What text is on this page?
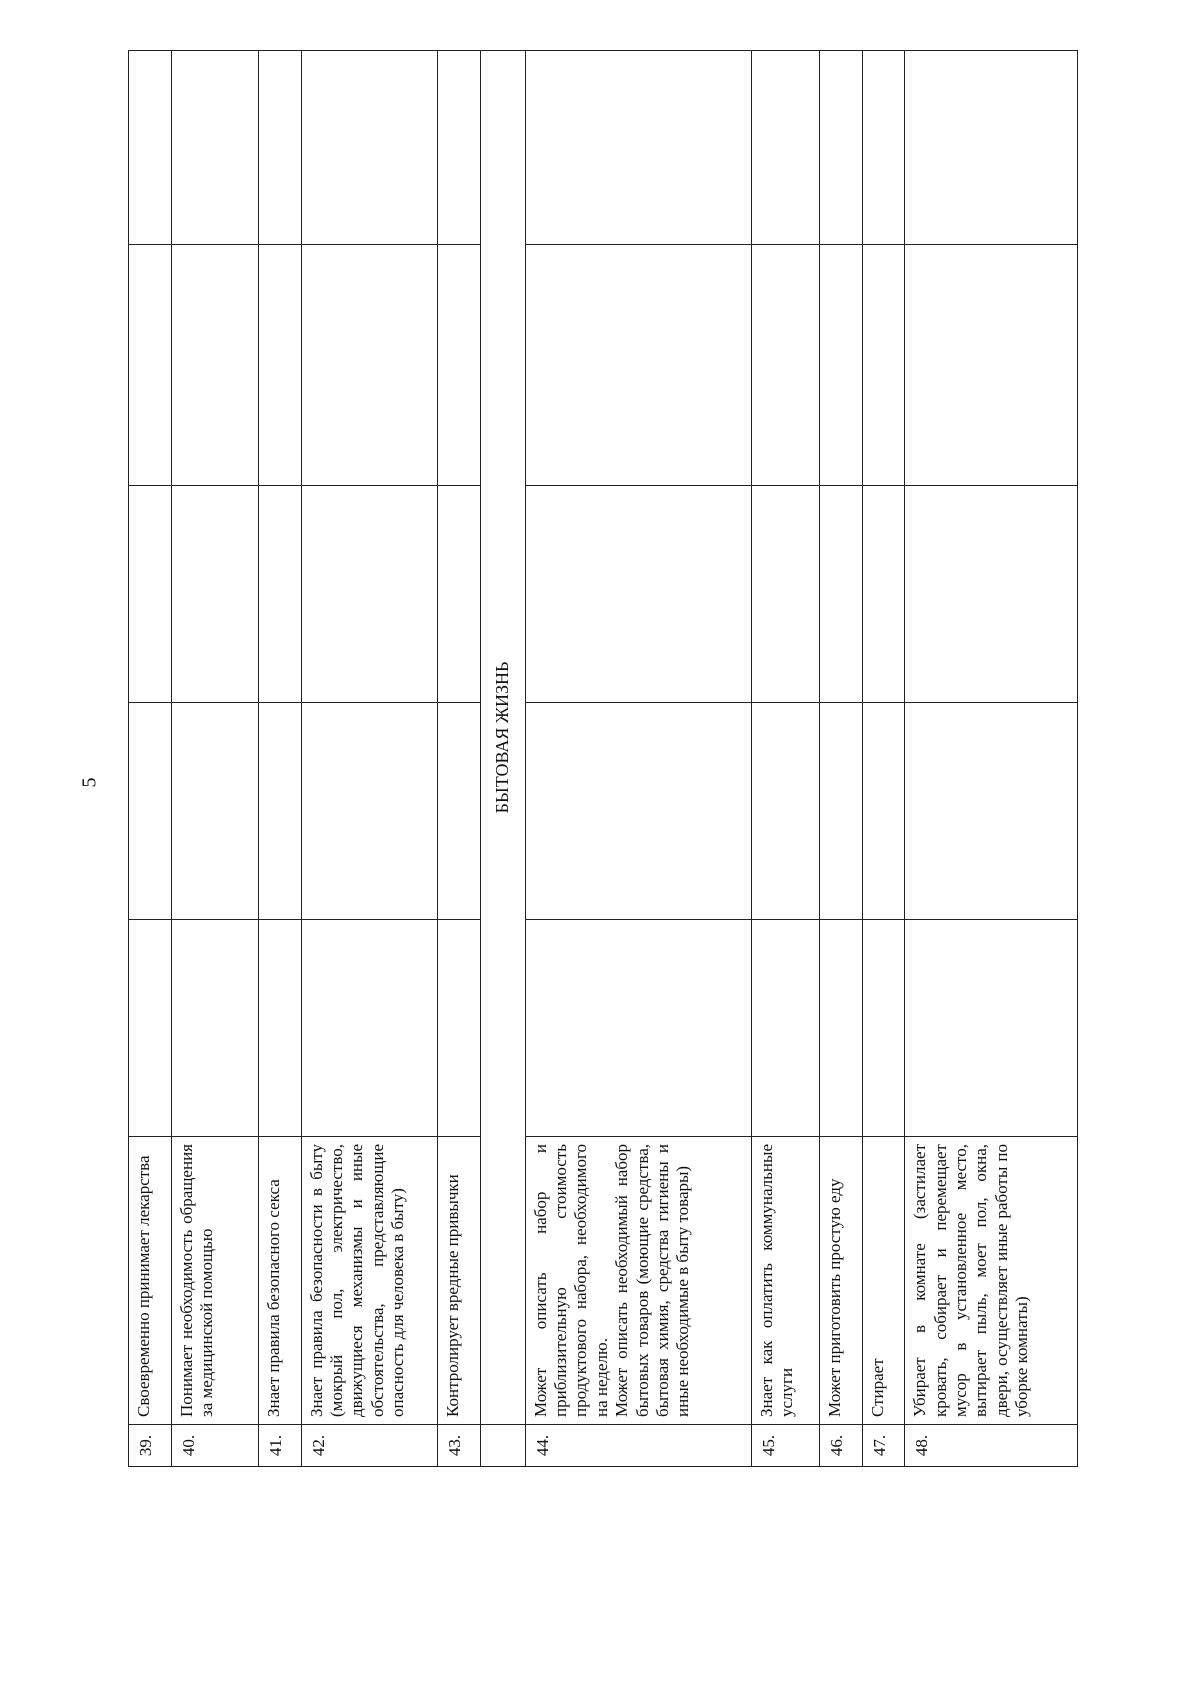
5
39.	Своевременно принимает лекарства					
40.	Понимает необходимость обращения за медицинской помощью					
41.	Знает правила безопасного секса					
42.	Знает правила безопасности в быту (мокрый пол, электричество, движущиеся механизмы и иные обстоятельства, представляющие опасность для человека в быту)					
43.	Контролирует вредные привычки					
	БЫТОВАЯ ЖИЗНЬ					
44.	Может описать набор и приблизительную стоимость продуктового набора, необходимого на неделю. Может описать необходимый набор бытовых товаров (моющие средства, бытовая химия, средства гигиены и иные необходимые в быту товары)					

45.	Знает как оплатить коммунальные услуги					
46.	Может приготовить простую еду					
47.	Стирает					
48.	Убирает в комнате (застилает кровать, собирает и перемещает мусор в установленное место, вытирает пыль, моет пол, окна, двери, осуществляет иные работы по уборке комнаты)					
